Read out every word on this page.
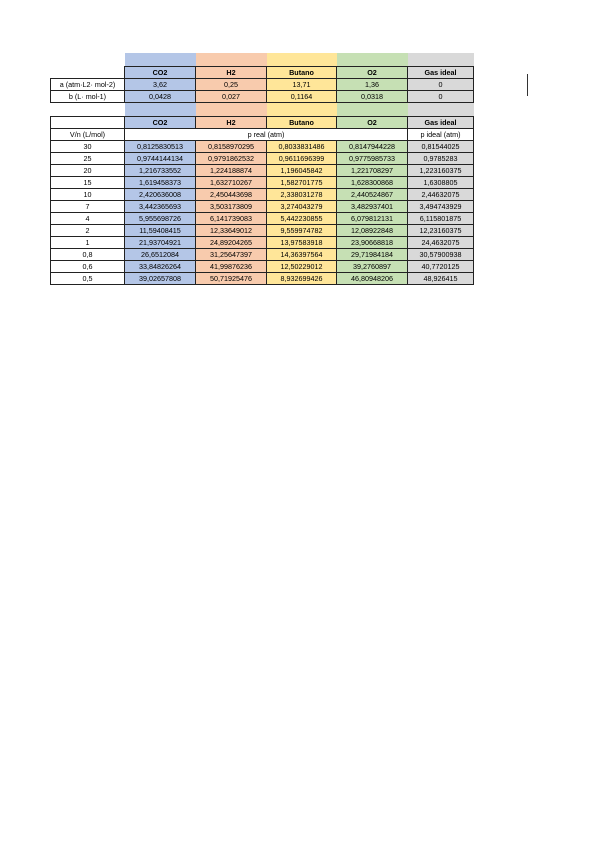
	CO2	H2	Butano	O2	Gas ideal
a (atm·L2· mol-2)	3,62	0,25	13,71	1,36	0
b (L· mol-1)	0,0428	0,027	0,1164	0,0318	0

	CO2	H2	Butano	O2	Gas ideal
V/n (L/mol)	p real (atm)				p ideal (atm)
30	0,8125830513	0,8158970295	0,8033831486	0,8147944228	0,81544025
25	0,9744144134	0,9791862532	0,9611696399	0,9775985733	0,9785283
20	1,216733552	1,224188874	1,196045842	1,221708297	1,223160375
15	1,619458373	1,632710267	1,582701775	1,628300868	1,6308805
10	2,420636008	2,450443698	2,338031278	2,440524867	2,44632075
7	3,442365693	3,503173809	3,274043279	3,482937401	3,494743929
4	5,955698726	6,141739083	5,442230855	6,079812131	6,115801875
2	11,59408415	12,33649012	9,559974782	12,08922848	12,23160375
1	21,93704921	24,89204265	13,97583918	23,90668818	24,4632075
0,8	26,6512084	31,25647397	14,36397564	29,71984184	30,57900938
0,6	33,84826264	41,99876236	12,50229012	39,2760897	40,7720125
0,5	39,02657808	50,71925476	8,932699426	46,80948206	48,926415
